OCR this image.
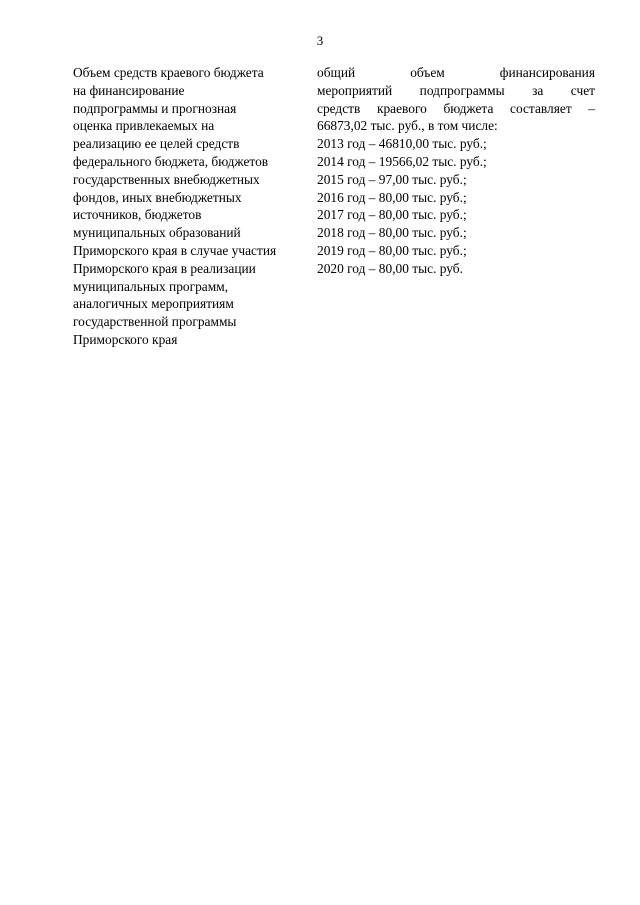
3
Объем средств краевого бюджета
на финансирование
подпрограммы и прогнозная
оценка привлекаемых на
реализацию ее целей средств
федерального бюджета, бюджетов
государственных внебюджетных
фондов, иных внебюджетных
источников, бюджетов
муниципальных образований
Приморского края в случае участия
Приморского края в реализации
муниципальных программ,
аналогичных мероприятиям
государственной программы
Приморского края
общий объем финансирования
мероприятий подпрограммы за счет
средств краевого бюджета составляет –
66873,02 тыс. руб., в том числе:
2013 год – 46810,00 тыс. руб.;
2014 год – 19566,02 тыс. руб.;
2015 год – 97,00 тыс. руб.;
2016 год – 80,00 тыс. руб.;
2017 год – 80,00 тыс. руб.;
2018 год – 80,00 тыс. руб.;
2019 год – 80,00 тыс. руб.;
2020 год – 80,00 тыс. руб.
